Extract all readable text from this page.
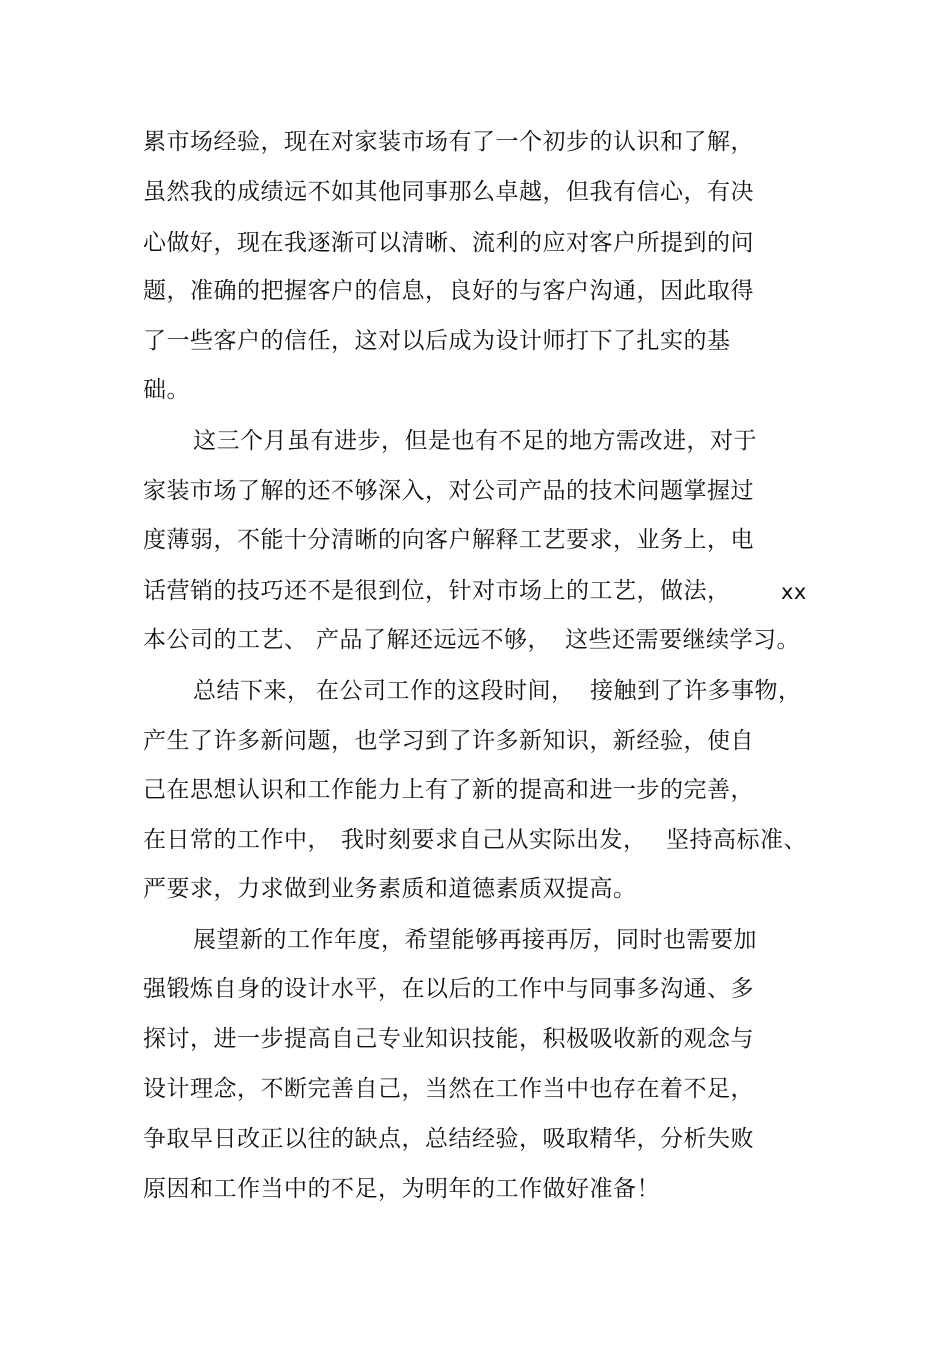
累市场经验，现在对家装市场有了一个初步的认识和了解，
虽然我的成绩远不如其他同事那么卓越，但我有信心，有决
心做好，现在我逐渐可以清晰、流利的应对客户所提到的问
题，准确的把握客户的信息，良好的与客户沟通，因此取得
了一些客户的信任，这对以后成为设计师打下了扎实的基
础。
这三个月虽有进步，但是也有不足的地方需改进，对于
家装市场了解的还不够深入，对公司产品的技术问题掌握过
度薄弱，不能十分清晰的向客户解释工艺要求，业务上，电
话营销的技巧还不是很到位，针对市场上的工艺，做法， xx
本公司的工艺、 产品了解还远远不够， 这些还需要继续学习。
总结下来， 在公司工作的这段时间， 接触到了许多事物，
产生了许多新问题，也学习到了许多新知识，新经验，使自
己在思想认识和工作能力上有了新的提高和进一步的完善，
在日常的工作中， 我时刻要求自己从实际出发， 坚持高标准、
严要求，力求做到业务素质和道德素质双提高。
展望新的工作年度，希望能够再接再厉，同时也需要加
强锻炼自身的设计水平，在以后的工作中与同事多沟通、多
探讨，进一步提高自己专业知识技能，积极吸收新的观念与
设计理念，不断完善自己，当然在工作当中也存在着不足，
争取早日改正以往的缺点，总结经验，吸取精华，分析失败
原因和工作当中的不足，为明年的工作做好准备！
